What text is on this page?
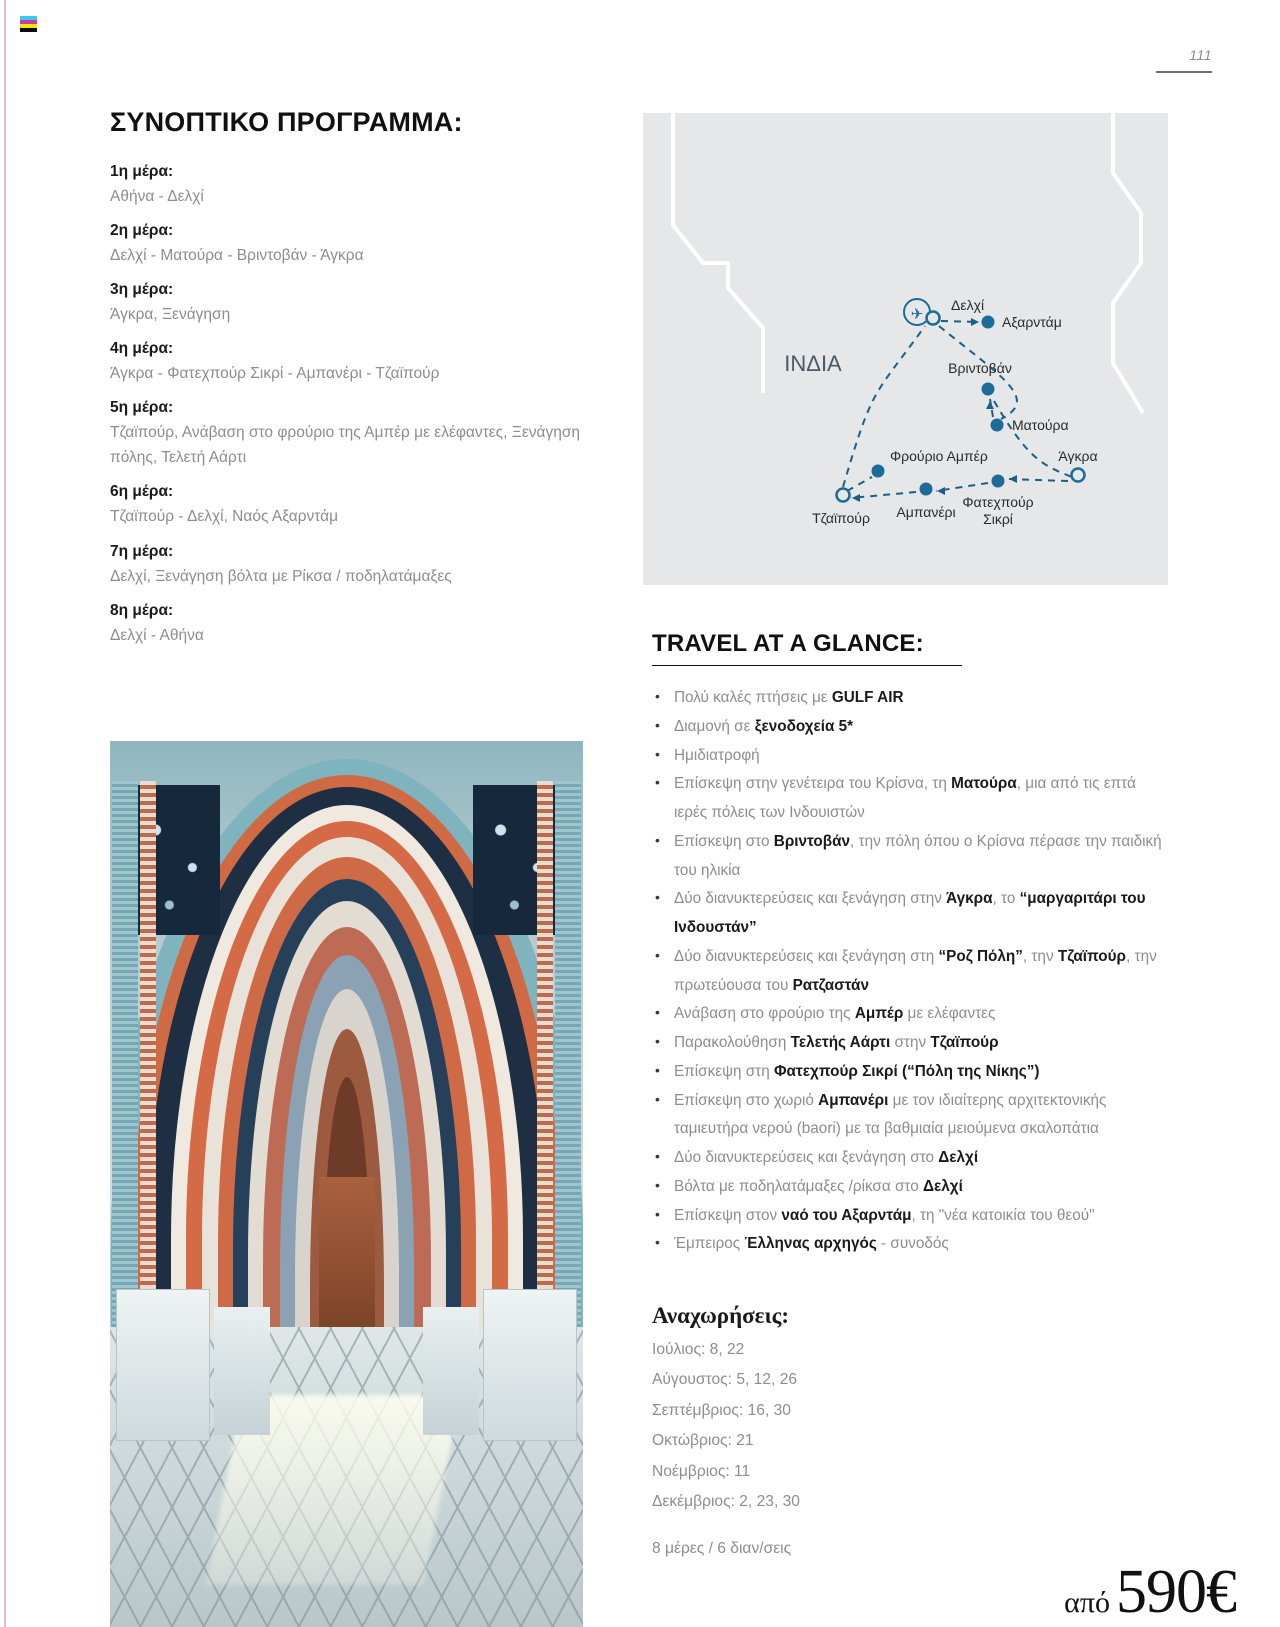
111
ΣΥΝΟΠΤΙΚΟ ΠΡΟΓΡΑΜΜΑ:
1η μέρα:
Αθήνα - Δελχί
2η μέρα:
Δελχί - Ματούρα - Βριντοβάν - Άγκρα
3η μέρα:
Άγκρα, Ξενάγηση
4η μέρα:
Άγκρα - Φατεχπούρ Σικρί - Αμπανέρι - Τζαϊπούρ
5η μέρα:
Τζαϊπούρ, Ανάβαση στο φρούριο της Αμπέρ με ελέφαντες, Ξενάγηση πόλης, Τελετή Αάρτι
6η μέρα:
Τζαϊπούρ - Δελχί, Ναός Αξαρντάμ
7η μέρα:
Δελχί, Ξενάγηση βόλτα με Ρίκσα / ποδηλατάμαξες
8η μέρα:
Δελχί - Αθήνα
ΙΝΔΙΑ
✈
Δελχί
Αξαρντάμ
Βριντοβάν
Ματούρα
Άγκρα
Φατεχπούρ
Σικρί
Αμπανέρι
Φρούριο Αμπέρ
Τζαϊπούρ
TRAVEL AT A GLANCE:
• Πολύ καλές πτήσεις με GULF AIR
• Διαμονή σε ξενοδοχεία 5*
• Ημιδιατροφή
• Επίσκεψη στην γενέτειρα του Κρίσνα, τη Ματούρα, μια από τις επτά ιερές πόλεις των Ινδουιστών
• Επίσκεψη στο Βριντοβάν, την πόλη όπου ο Κρίσνα πέρασε την παιδική του ηλικία
• Δύο διανυκτερεύσεις και ξενάγηση στην Άγκρα, το “μαργαριτάρι του Ινδουστάν”
• Δύο διανυκτερεύσεις και ξενάγηση στη “Ροζ Πόλη”, την Τζαϊπούρ, την πρωτεύουσα του Ρατζαστάν
• Ανάβαση στο φρούριο της Αμπέρ με ελέφαντες
• Παρακολούθηση Τελετής Αάρτι στην Τζαϊπούρ
• Επίσκεψη στη Φατεχπούρ Σικρί (“Πόλη της Νίκης”)
• Επίσκεψη στο χωριό Αμπανέρι με τον ιδιαίτερης αρχιτεκτονικής ταμιευτήρα νερού (baori) με τα βαθμιαία μειούμενα σκαλοπάτια
• Δύο διανυκτερεύσεις και ξενάγηση στο Δελχί
• Βόλτα με ποδηλατάμαξες /ρίκσα στο Δελχί
• Επίσκεψη στον ναό του Αξαρντάμ, τη "νέα κατοικία του θεού"
• Έμπειρος Έλληνας αρχηγός - συνοδός
Αναχωρήσεις:
Ιούλιος: 8, 22
Αύγουστος: 5, 12, 26
Σεπτέμβριος: 16, 30
Οκτώβριος: 21
Νοέμβριος: 11
Δεκέμβριος: 2, 23, 30
8 μέρες / 6 διαν/σεις
από 590€
